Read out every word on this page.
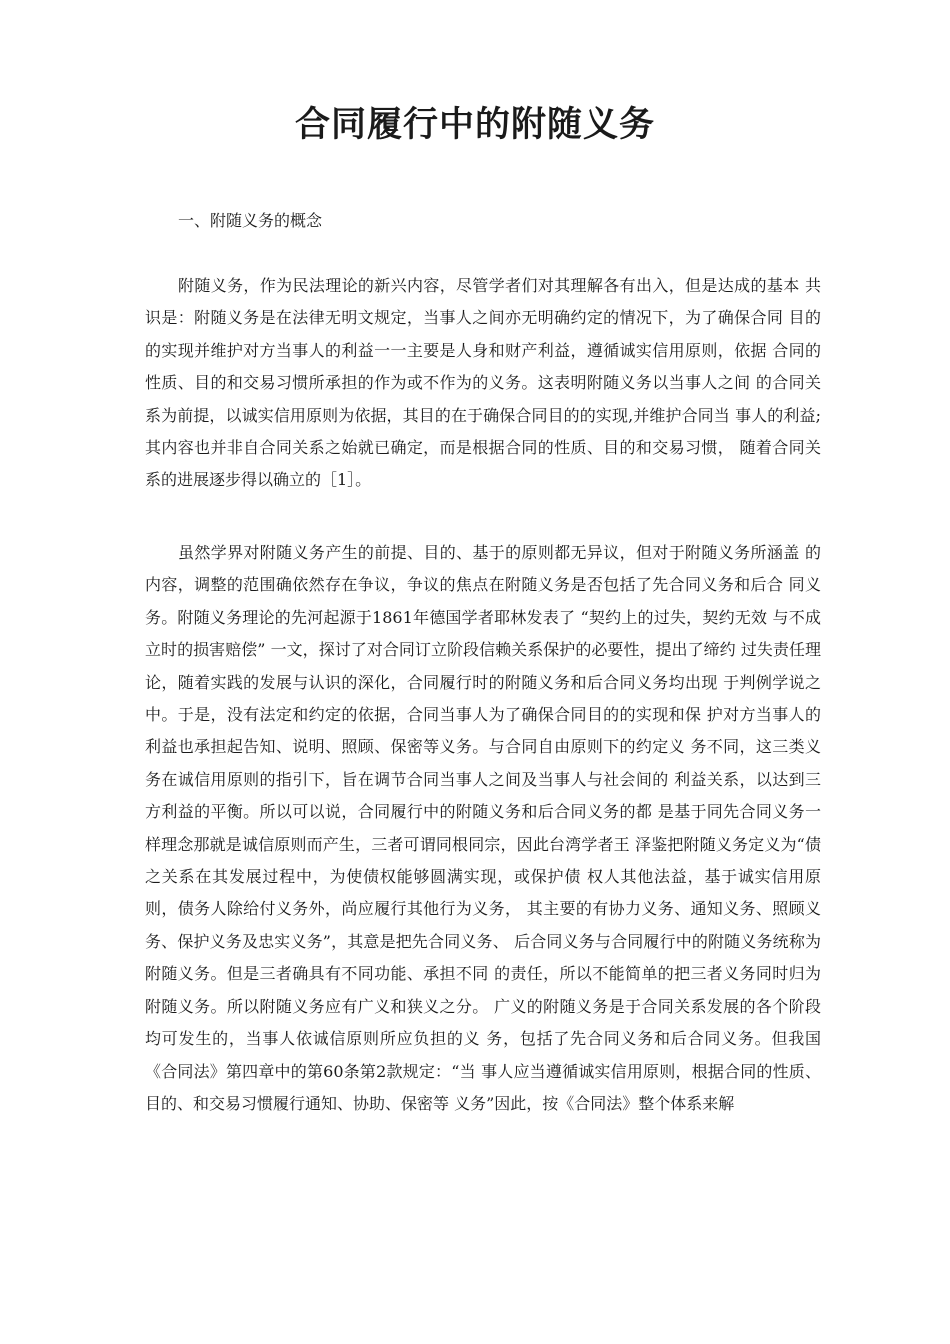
合同履行中的附随义务

一、附随义务的概念

附随义务，作为民法理论的新兴内容，尽管学者们对其理解各有出入，但是达成的基本 共识是：附随义务是在法律无明文规定，当事人之间亦无明确约定的情况下，为了确保合同 目的的实现并维护对方当事人的利益一一主要是人身和财产利益，遵循诚实信用原则，依据 合同的性质、目的和交易习惯所承担的作为或不作为的义务。这表明附随义务以当事人之间 的合同关系为前提，以诚实信用原则为依据，其目的在于确保合同目的的实现,并维护合同当 事人的利益;其内容也并非自合同关系之始就已确定，而是根据合同的性质、目的和交易习惯， 随着合同关系的进展逐步得以确立的［1］。

虽然学界对附随义务产生的前提、目的、基于的原则都无异议，但对于附随义务所涵盖 的内容，调整的范围确依然存在争议，争议的焦点在附随义务是否包括了先合同义务和后合 同义务。附随义务理论的先河起源于1861年德国学者耶林发表了 “契约上的过失，契约无效 与不成立时的损害赔偿” 一文，探讨了对合同订立阶段信赖关系保护的必要性，提出了缔约 过失责任理论，随着实践的发展与认识的深化，合同履行时的附随义务和后合同义务均出现 于判例学说之中。于是，没有法定和约定的依据，合同当事人为了确保合同目的的实现和保 护对方当事人的利益也承担起告知、说明、照顾、保密等义务。与合同自由原则下的约定义 务不同，这三类义务在诚信用原则的指引下，旨在调节合同当事人之间及当事人与社会间的 利益关系，以达到三方利益的平衡。所以可以说，合同履行中的附随义务和后合同义务的都 是基于同先合同义务一样理念那就是诚信原则而产生，三者可谓同根同宗，因此台湾学者王 泽鉴把附随义务定义为“债之关系在其发展过程中，为使债权能够圆满实现，或保护债 权人其他法益，基于诚实信用原则，债务人除给付义务外，尚应履行其他行为义务， 其主要的有协力义务、通知义务、照顾义务、保护义务及忠实义务”，其意是把先合同义务、 后合同义务与合同履行中的附随义务统称为附随义务。但是三者确具有不同功能、承担不同 的责任，所以不能简单的把三者义务同时归为附随义务。所以附随义务应有广义和狭义之分。 广义的附随义务是于合同关系发展的各个阶段均可发生的，当事人依诚信原则所应负担的义 务，包括了先合同义务和后合同义务。但我国《合同法》第四章中的第60条第2款规定：“当 事人应当遵循诚实信用原则，根据合同的性质、目的、和交易习惯履行通知、协助、保密等 义务”因此，按《合同法》整个体系来解
